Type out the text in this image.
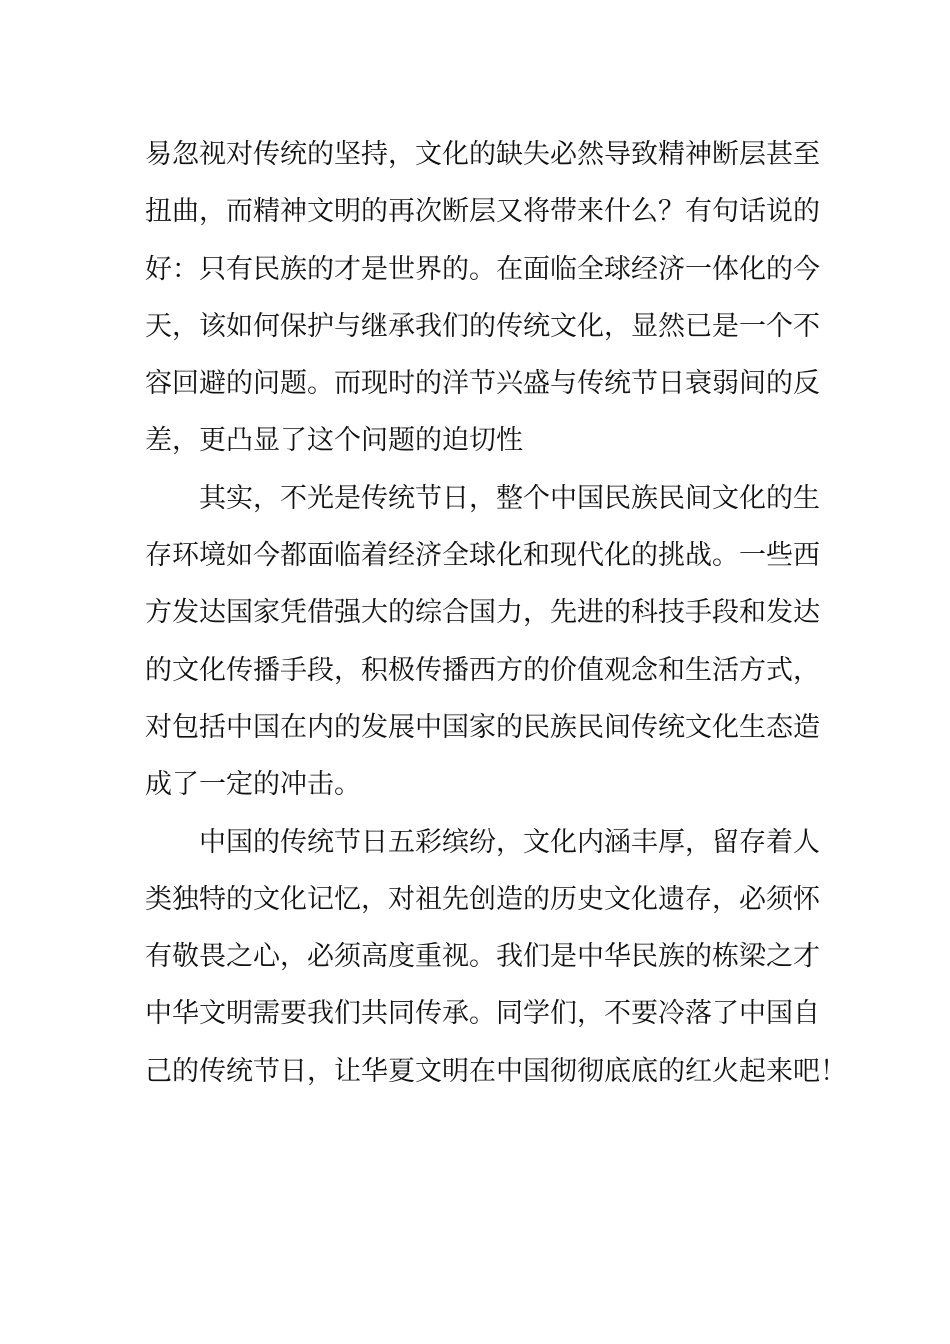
易忽视对传统的坚持，文化的缺失必然导致精神断层甚至
扭曲，而精神文明的再次断层又将带来什么？有句话说的
好：只有民族的才是世界的。在面临全球经济一体化的今
天，该如何保护与继承我们的传统文化，显然已是一个不
容回避的问题。而现时的洋节兴盛与传统节日衰弱间的反
差，更凸显了这个问题的迫切性
其实，不光是传统节日，整个中国民族民间文化的生
存环境如今都面临着经济全球化和现代化的挑战。一些西
方发达国家凭借强大的综合国力，先进的科技手段和发达
的文化传播手段，积极传播西方的价值观念和生活方式，
对包括中国在内的发展中国家的民族民间传统文化生态造
成了一定的冲击。
中国的传统节日五彩缤纷，文化内涵丰厚，留存着人
类独特的文化记忆，对祖先创造的历史文化遗存，必须怀
有敬畏之心，必须高度重视。我们是中华民族的栋梁之才
中华文明需要我们共同传承。同学们，不要冷落了中国自
己的传统节日，让华夏文明在中国彻彻底底的红火起来吧！
